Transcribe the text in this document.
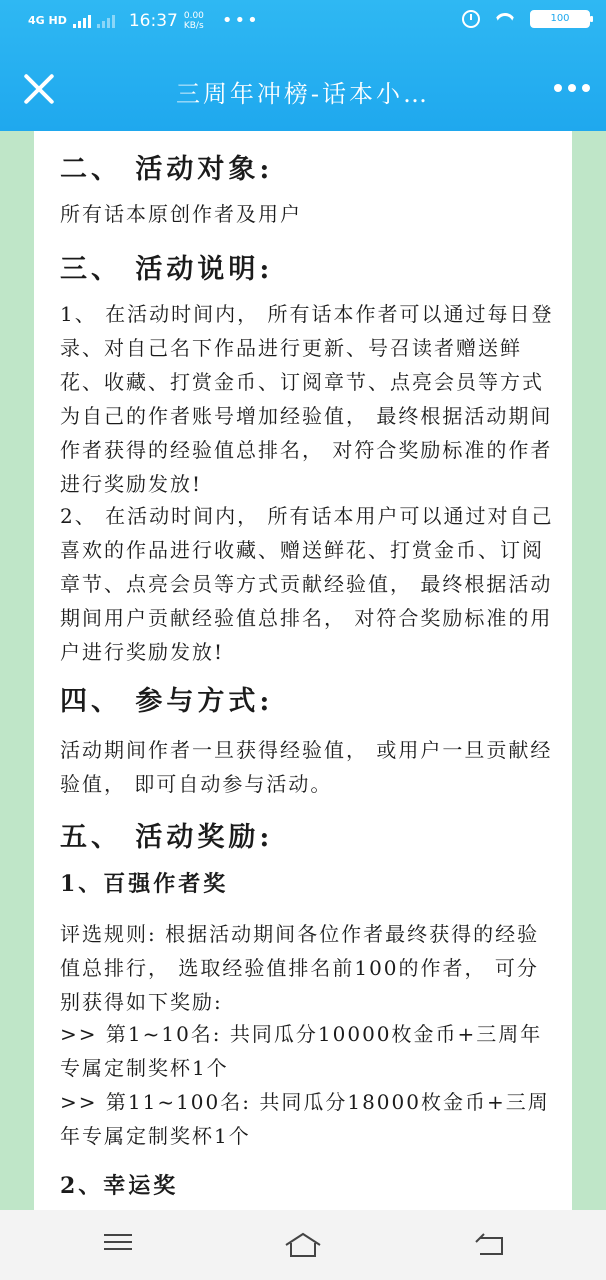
4G HD	16:37 0.00
KB/s •••	100
三周年冲榜-话本小…
二、 活动对象:

所有话本原创作者及用户

三、 活动说明:

1、 在活动时间内， 所有话本作者可以通过每日登录、对自己名下作品进行更新、号召读者赠送鲜花、收藏、打赏金币、订阅章节、点亮会员等方式为自己的作者账号增加经验值， 最终根据活动期间作者获得的经验值总排名， 对符合奖励标准的作者进行奖励发放!

2、 在活动时间内， 所有话本用户可以通过对自己喜欢的作品进行收藏、赠送鲜花、打赏金币、订阅章节、点亮会员等方式贡献经验值， 最终根据活动期间用户贡献经验值总排名， 对符合奖励标准的用户进行奖励发放!

四、 参与方式:

活动期间作者一旦获得经验值， 或用户一旦贡献经验值， 即可自动参与活动。

五、 活动奖励:
1、百强作者奖

评选规则: 根据活动期间各位作者最终获得的经验值总排行， 选取经验值排名前100的作者， 可分别获得如下奖励:

>> 第1~10名: 共同瓜分10000枚金币+三周年专属定制奖杯1个

>> 第11~100名: 共同瓜分18000枚金币+三周年专属定制奖杯1个

2、幸运奖
